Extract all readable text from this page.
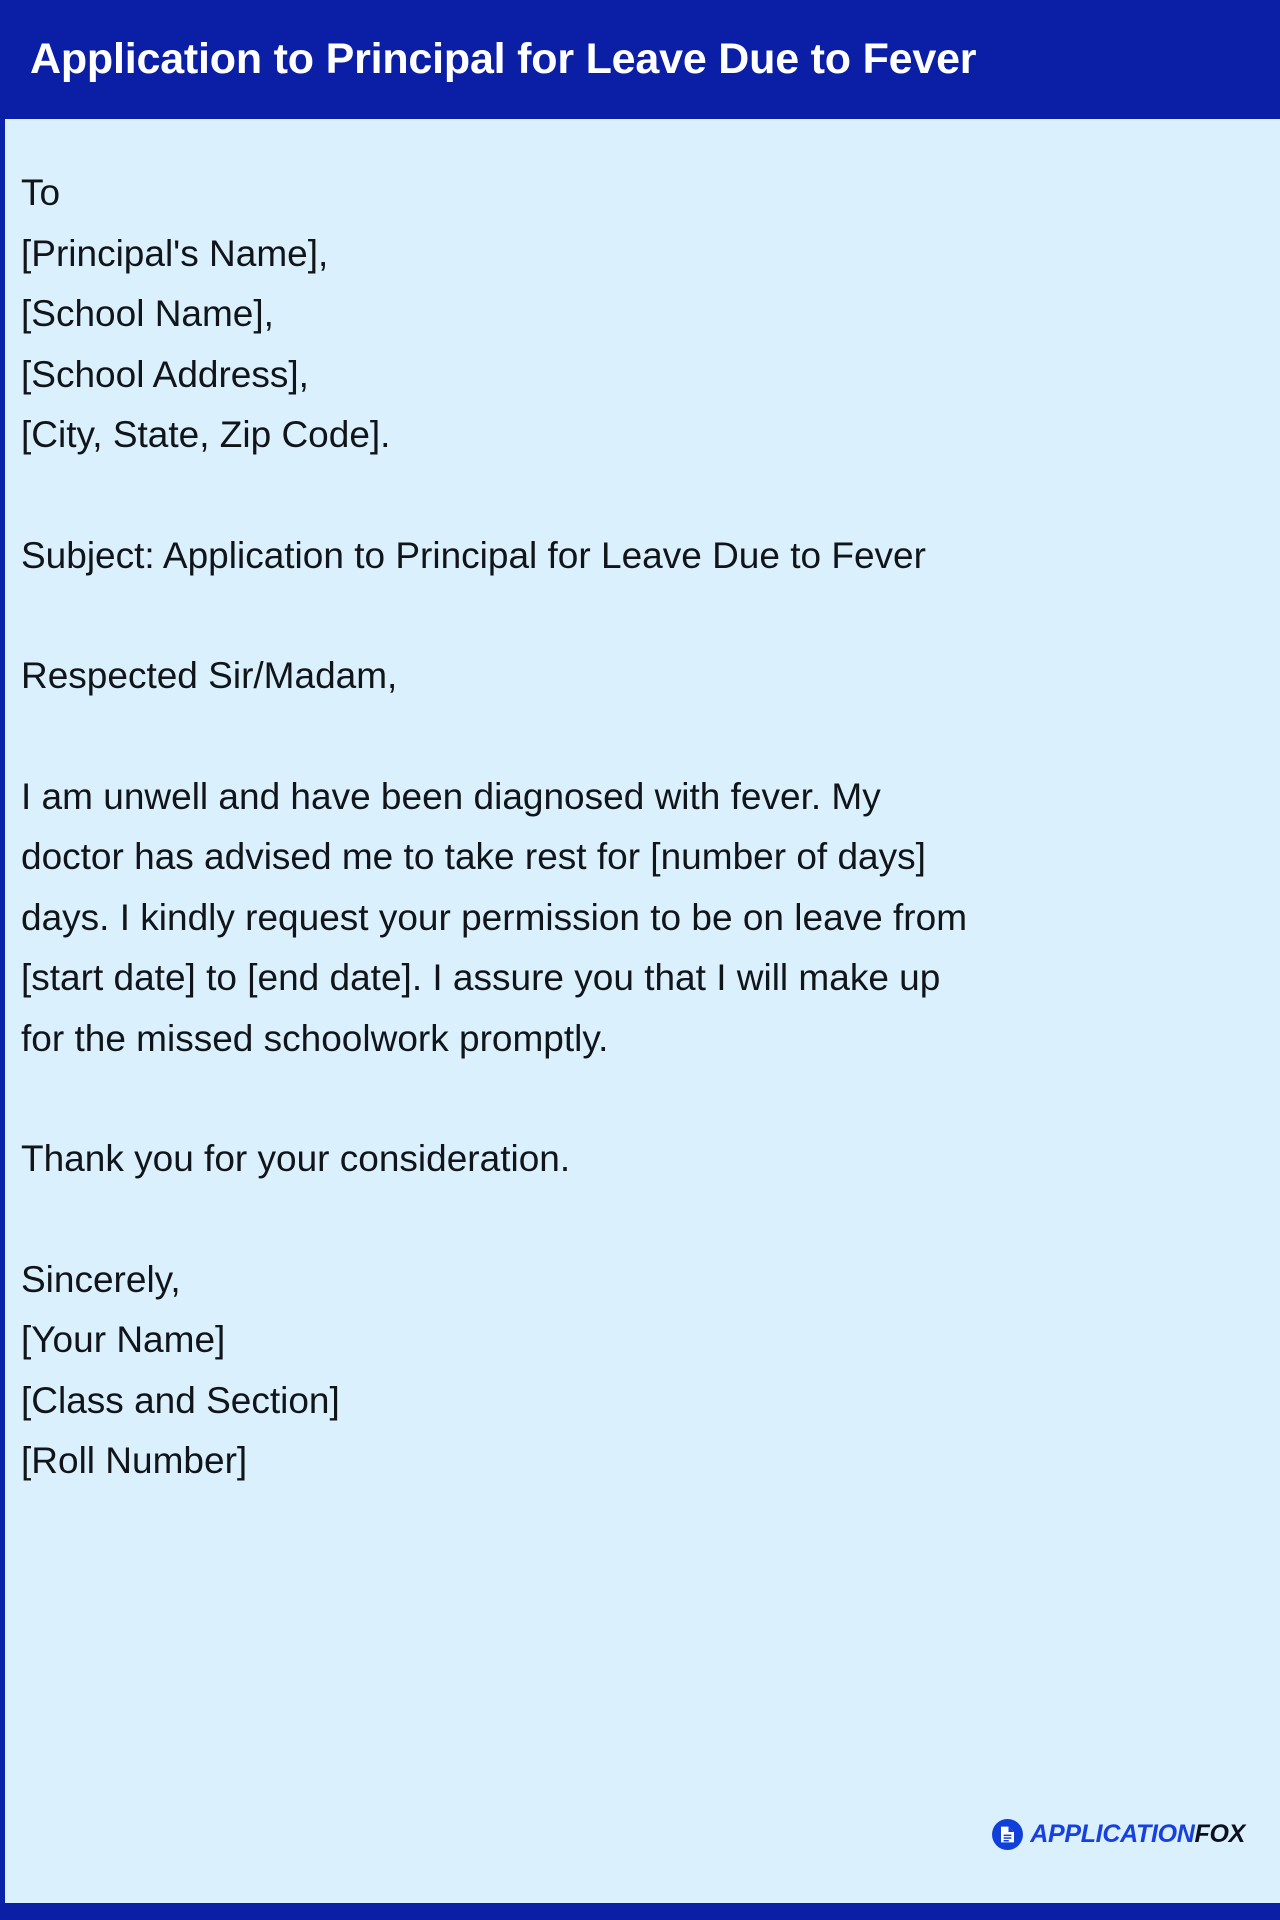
Application to Principal for Leave Due to Fever
To
[Principal's Name],
[School Name],
[School Address],
[City, State, Zip Code].
Subject: Application to Principal for Leave Due to Fever
Respected Sir/Madam,
I am unwell and have been diagnosed with fever. My
doctor has advised me to take rest for [number of days]
days. I kindly request your permission to be on leave from
[start date] to [end date]. I assure you that I will make up
for the missed schoolwork promptly.
Thank you for your consideration.
Sincerely,
[Your Name]
[Class and Section]
[Roll Number]
APPLICATIONFOX
